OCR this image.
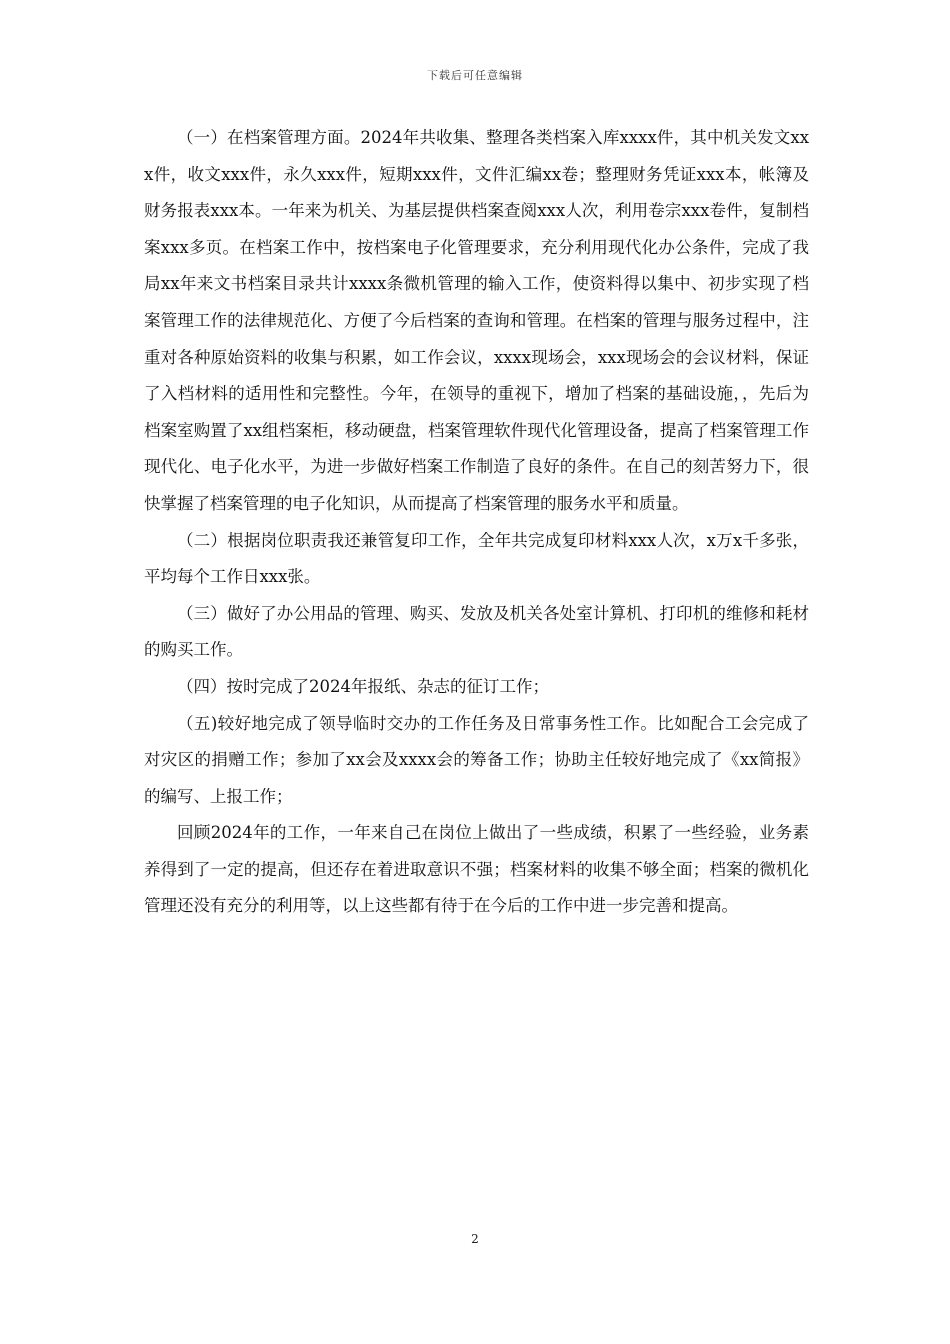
下载后可任意编辑

（一）在档案管理方面。2024年共收集、整理各类档案入库xxxx件，其中机关发文xxx件，收文xxx件，永久xxx件，短期xxx件，文件汇编xx卷；整理财务凭证xxx本，帐簿及财务报表xxx本。一年来为机关、为基层提供档案查阅xxx人次，利用卷宗xxx卷件，复制档案xxx多页。在档案工作中，按档案电子化管理要求，充分利用现代化办公条件，完成了我局xx年来文书档案目录共计xxxx条微机管理的输入工作，使资料得以集中、初步实现了档案管理工作的法律规范化、方便了今后档案的查询和管理。在档案的管理与服务过程中，注重对各种原始资料的收集与积累，如工作会议，xxxx现场会，xxx现场会的会议材料，保证了入档材料的适用性和完整性。今年，在领导的重视下，增加了档案的基础设施，，先后为档案室购置了xx组档案柜，移动硬盘，档案管理软件现代化管理设备，提高了档案管理工作现代化、电子化水平，为进一步做好档案工作制造了良好的条件。在自己的刻苦努力下，很快掌握了档案管理的电子化知识，从而提高了档案管理的服务水平和质量。

（二）根据岗位职责我还兼管复印工作，全年共完成复印材料xxx人次，x万x千多张，平均每个工作日xxx张。

（三）做好了办公用品的管理、购买、发放及机关各处室计算机、打印机的维修和耗材的购买工作。

（四）按时完成了2024年报纸、杂志的征订工作；

（五)较好地完成了领导临时交办的工作任务及日常事务性工作。比如配合工会完成了对灾区的捐赠工作；参加了xx会及xxxx会的筹备工作；协助主任较好地完成了《xx简报》的编写、上报工作；

回顾2024年的工作，一年来自己在岗位上做出了一些成绩，积累了一些经验，业务素养得到了一定的提高，但还存在着进取意识不强；档案材料的收集不够全面；档案的微机化管理还没有充分的利用等，以上这些都有待于在今后的工作中进一步完善和提高。

2
